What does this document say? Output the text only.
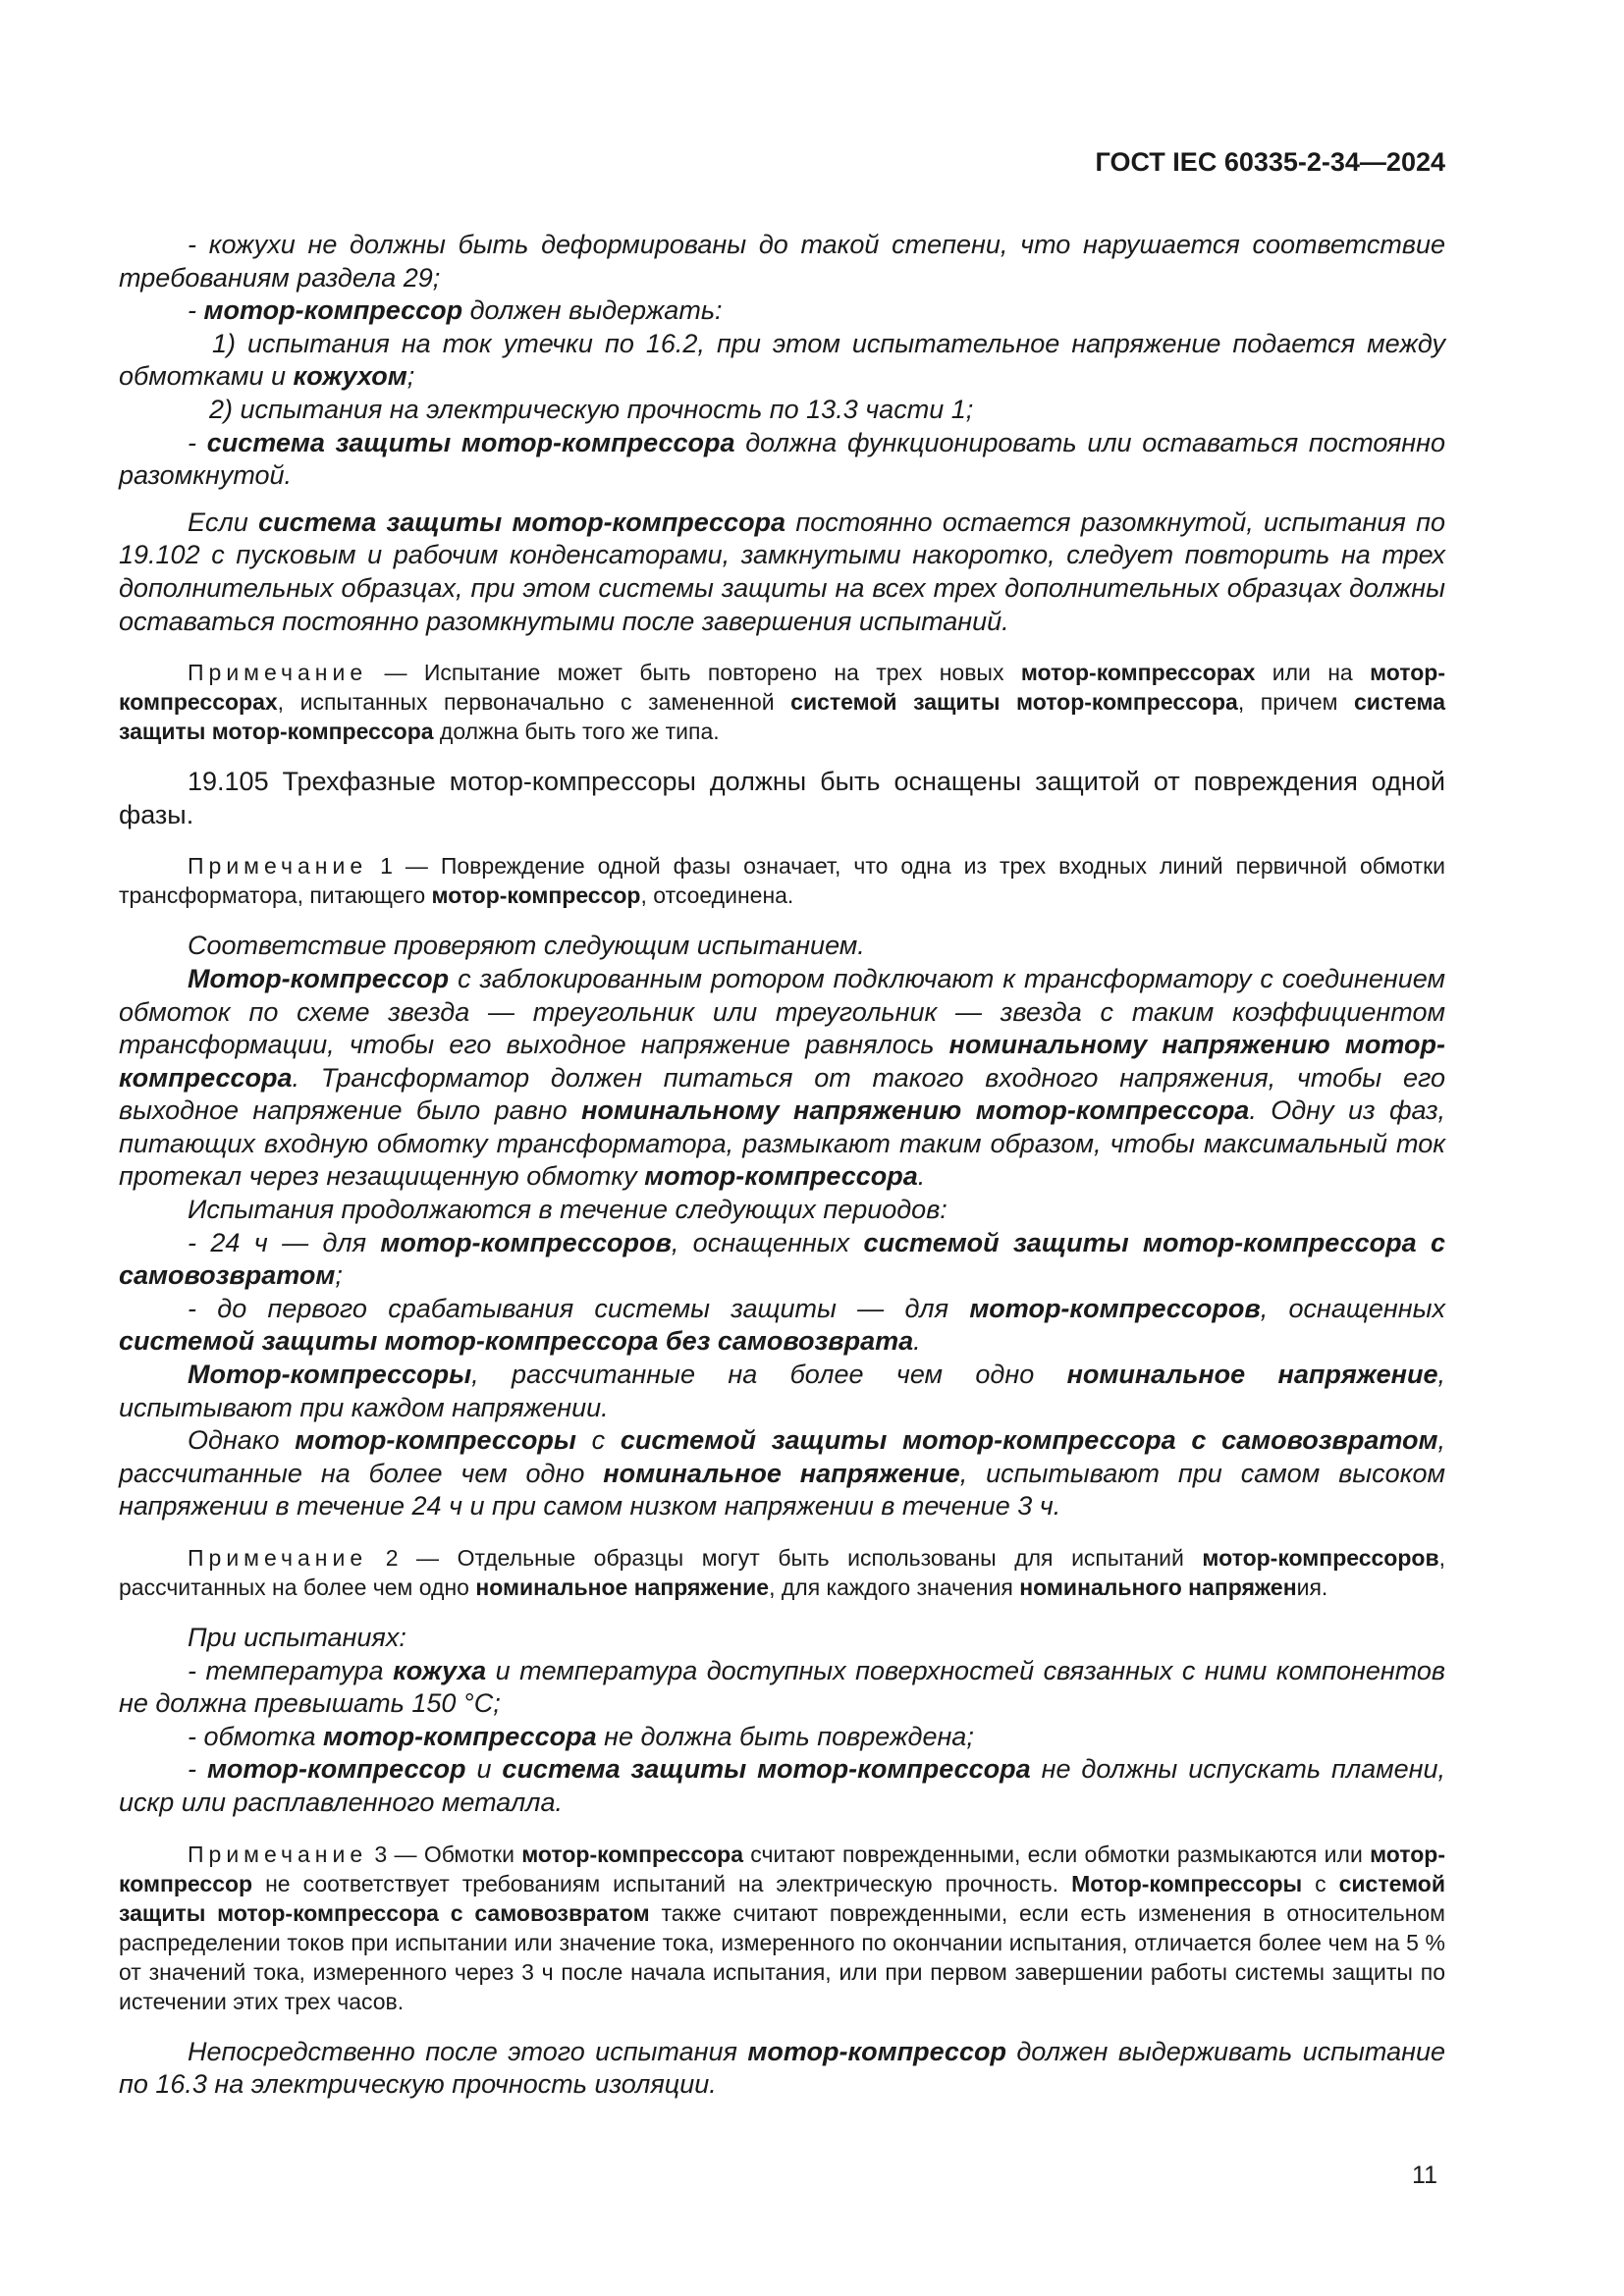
ГОСТ IEC 60335-2-34—2024

- кожухи не должны быть деформированы до такой степени, что нарушается соответствие требованиям раздела 29;

- мотор-компрессор должен выдержать:

1) испытания на ток утечки по 16.2, при этом испытательное напряжение подается между обмотками и кожухом;

2) испытания на электрическую прочность по 13.3 части 1;

- система защиты мотор-компрессора должна функционировать или оставаться постоянно разомкнутой.

Если система защиты мотор-компрессора постоянно остается разомкнутой, испытания по 19.102 с пусковым и рабочим конденсаторами, замкнутыми накоротко, следует повторить на трех дополнительных образцах, при этом системы защиты на всех трех дополнительных образцах должны оставаться постоянно разомкнутыми после завершения испытаний.

Примечание — Испытание может быть повторено на трех новых мотор-компрессорах или на мотор-компрессорах, испытанных первоначально с замененной системой защиты мотор-компрессора, причем система защиты мотор-компрессора должна быть того же типа.

19.105 Трехфазные мотор-компрессоры должны быть оснащены защитой от повреждения одной фазы.

Примечание 1 — Повреждение одной фазы означает, что одна из трех входных линий первичной обмотки трансформатора, питающего мотор-компрессор, отсоединена.

Соответствие проверяют следующим испытанием.

Мотор-компрессор с заблокированным ротором подключают к трансформатору с соединением обмоток по схеме звезда — треугольник или треугольник — звезда с таким коэффициентом трансформации, чтобы его выходное напряжение равнялось номинальному напряжению мотор-компрессора. Трансформатор должен питаться от такого входного напряжения, чтобы его выходное напряжение было равно номинальному напряжению мотор-компрессора. Одну из фаз, питающих входную обмотку трансформатора, размыкают таким образом, чтобы максимальный ток протекал через незащищенную обмотку мотор-компрессора.

Испытания продолжаются в течение следующих периодов:

- 24 ч — для мотор-компрессоров, оснащенных системой защиты мотор-компрессора с самовозвратом;

- до первого срабатывания системы защиты — для мотор-компрессоров, оснащенных системой защиты мотор-компрессора без самовозврата.

Мотор-компрессоры, рассчитанные на более чем одно номинальное напряжение, испытывают при каждом напряжении.

Однако мотор-компрессоры с системой защиты мотор-компрессора с самовозвратом, рассчитанные на более чем одно номинальное напряжение, испытывают при самом высоком напряжении в течение 24 ч и при самом низком напряжении в течение 3 ч.

Примечание 2 — Отдельные образцы могут быть использованы для испытаний мотор-компрессоров, рассчитанных на более чем одно номинальное напряжение, для каждого значения номинального напряжения.

При испытаниях:

- температура кожуха и температура доступных поверхностей связанных с ними компонентов не должна превышать 150 °С;

- обмотка мотор-компрессора не должна быть повреждена;

- мотор-компрессор и система защиты мотор-компрессора не должны испускать пламени, искр или расплавленного металла.

Примечание 3 — Обмотки мотор-компрессора считают поврежденными, если обмотки размыкаются или мотор-компрессор не соответствует требованиям испытаний на электрическую прочность. Мотор-компрессоры с системой защиты мотор-компрессора с самовозвратом также считают поврежденными, если есть изменения в относительном распределении токов при испытании или значение тока, измеренного по окончании испытания, отличается более чем на 5 % от значений тока, измеренного через 3 ч после начала испытания, или при первом завершении работы системы защиты по истечении этих трех часов.

Непосредственно после этого испытания мотор-компрессор должен выдерживать испытание по 16.3 на электрическую прочность изоляции.

11
